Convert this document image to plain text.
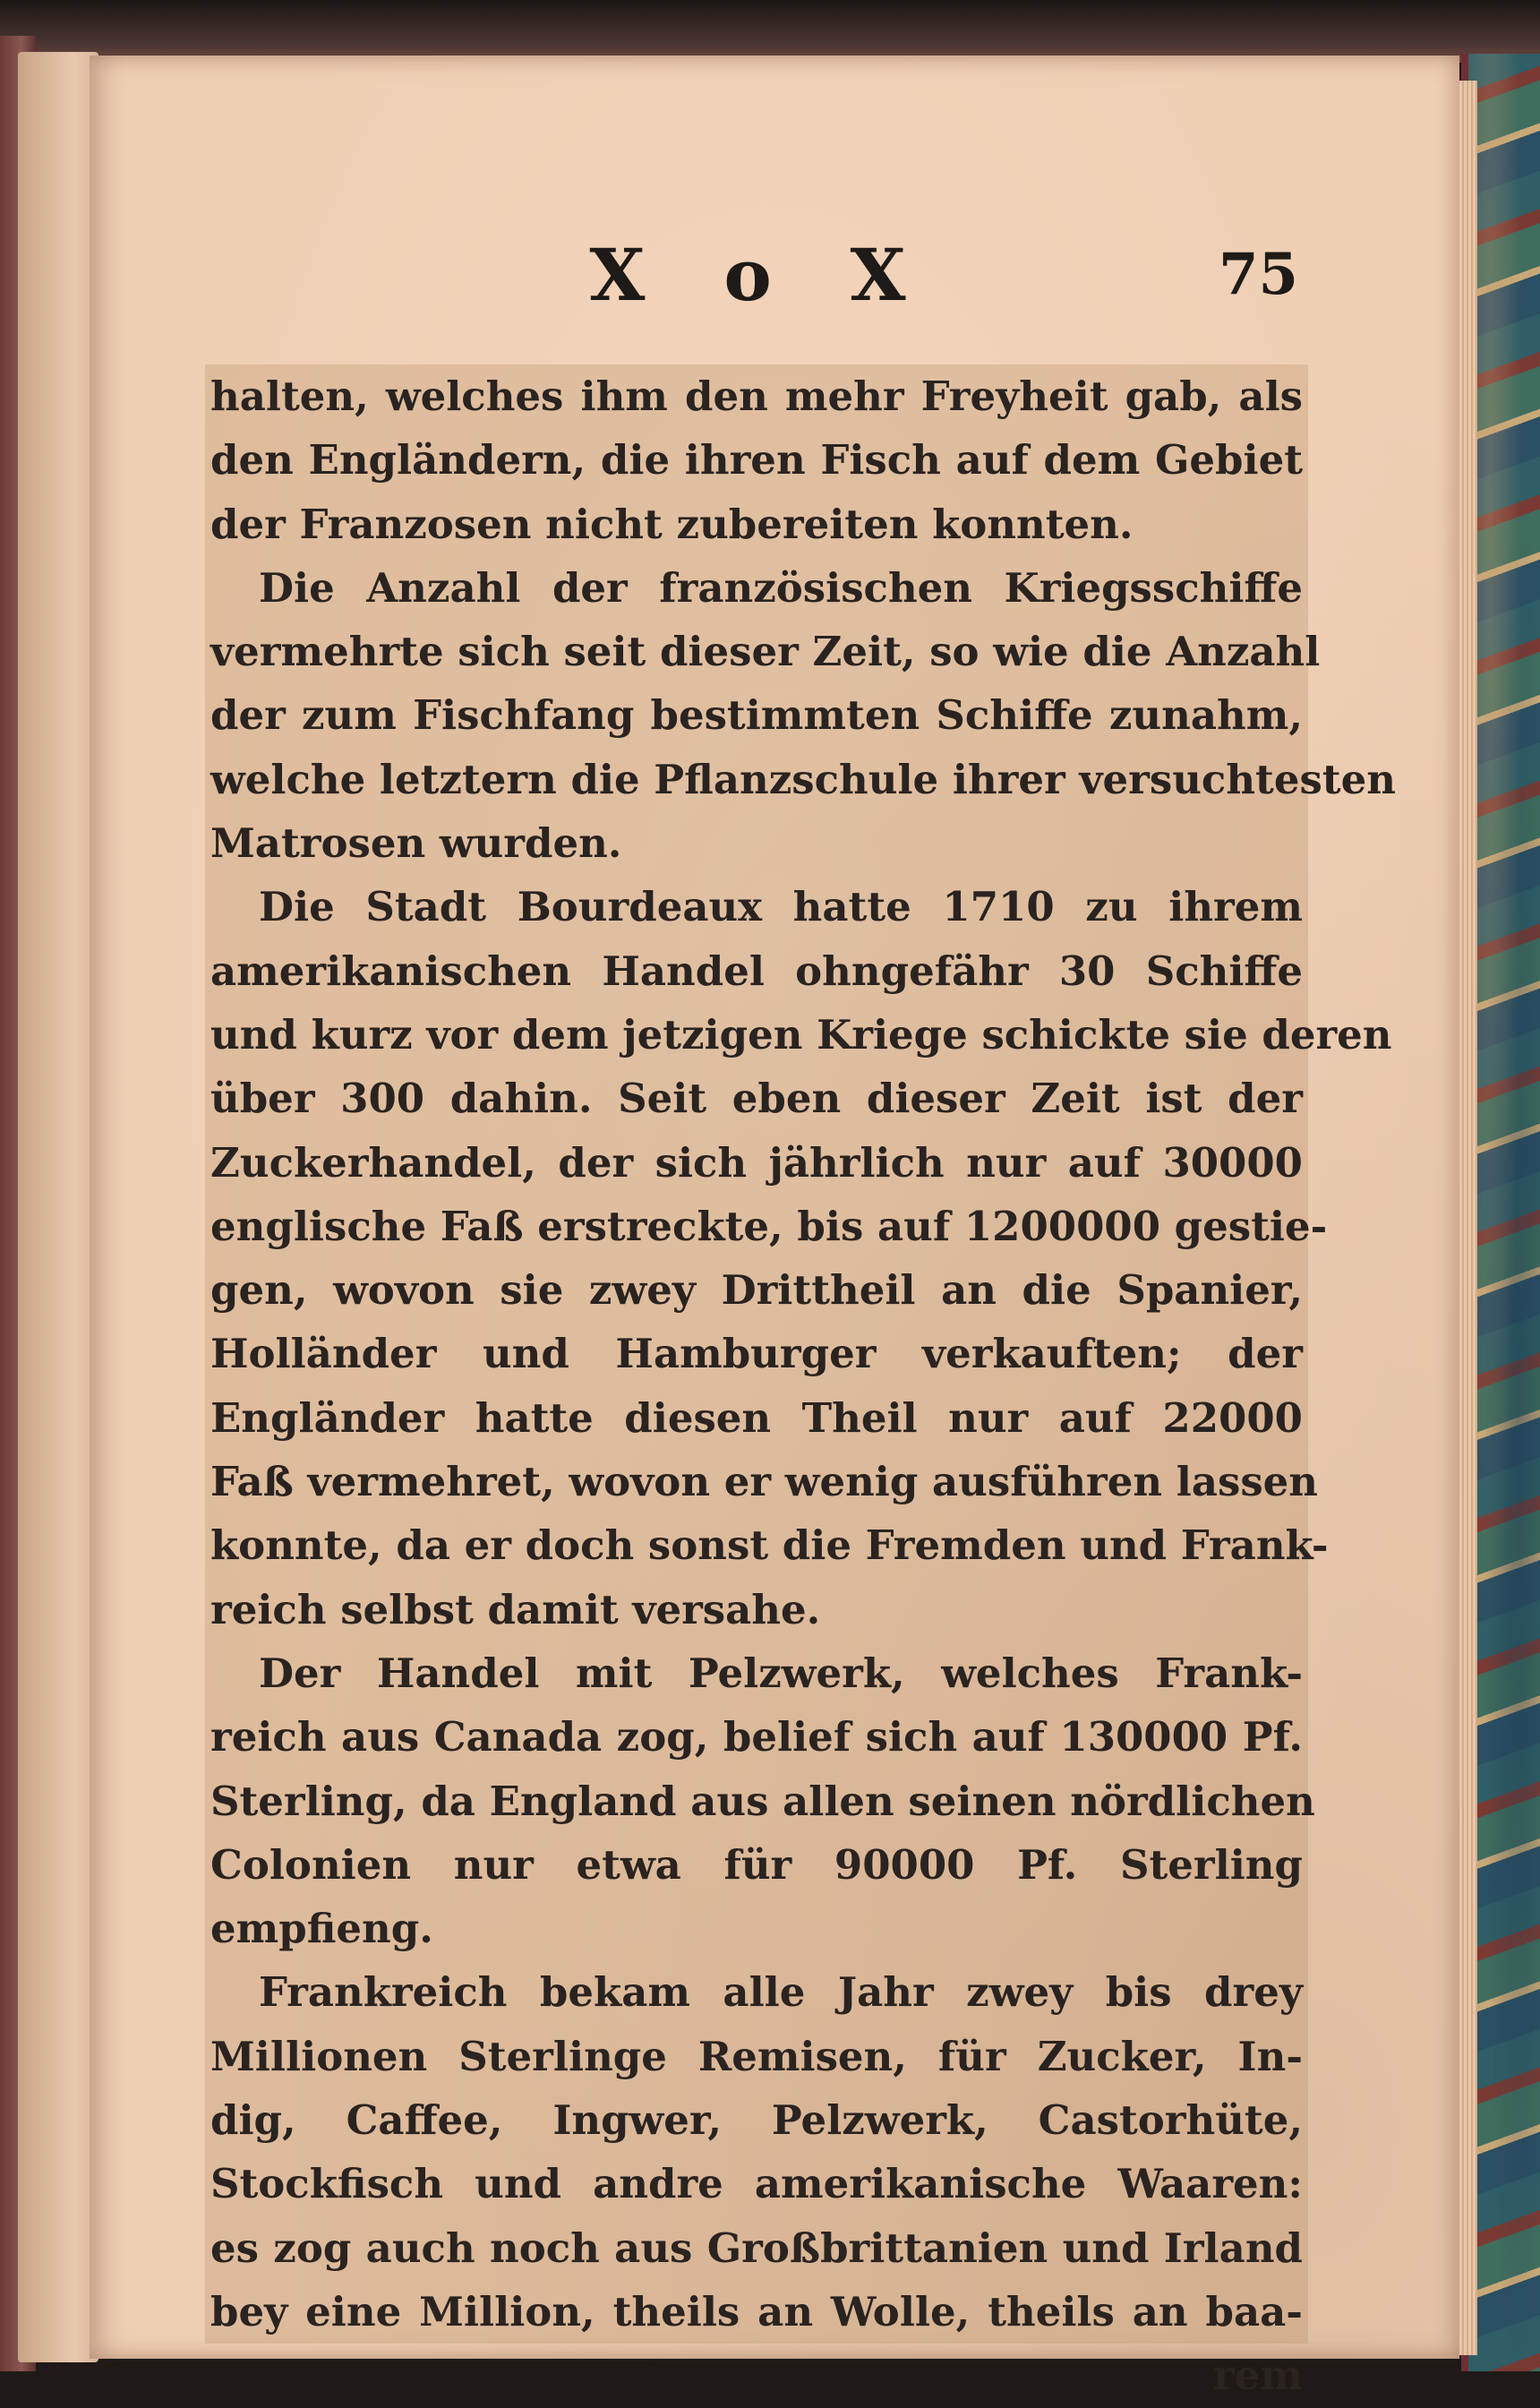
X o X	75
halten, welches ihm den mehr Freyheit gab, als
den Engländern, die ihren Fisch auf dem Gebiet
der Franzosen nicht zubereiten konnten.
Die Anzahl der französischen Kriegsschiffe
vermehrte sich seit dieser Zeit, so wie die Anzahl
der zum Fischfang bestimmten Schiffe zunahm,
welche letztern die Pflanzschule ihrer versuchtesten
Matrosen wurden.
Die Stadt Bourdeaux hatte 1710 zu ihrem
amerikanischen Handel ohngefähr 30 Schiffe
und kurz vor dem jetzigen Kriege schickte sie deren
über 300 dahin. Seit eben dieser Zeit ist der
Zuckerhandel, der sich jährlich nur auf 30000
englische Faß erstreckte, bis auf 1200000 gestie-
gen, wovon sie zwey Drittheil an die Spanier,
Holländer und Hamburger verkauften; der
Engländer hatte diesen Theil nur auf 22000
Faß vermehret, wovon er wenig ausführen lassen
konnte, da er doch sonst die Fremden und Frank-
reich selbst damit versahe.
Der Handel mit Pelzwerk, welches Frank-
reich aus Canada zog, belief sich auf 130000 Pf.
Sterling, da England aus allen seinen nördlichen
Colonien nur etwa für 90000 Pf. Sterling
empfieng.
Frankreich bekam alle Jahr zwey bis drey
Millionen Sterlinge Remisen, für Zucker, In-
dig, Caffee, Ingwer, Pelzwerk, Castorhüte,
Stockfisch und andre amerikanische Waaren:
es zog auch noch aus Großbrittanien und Irland
bey eine Million, theils an Wolle, theils an baa-
rem
